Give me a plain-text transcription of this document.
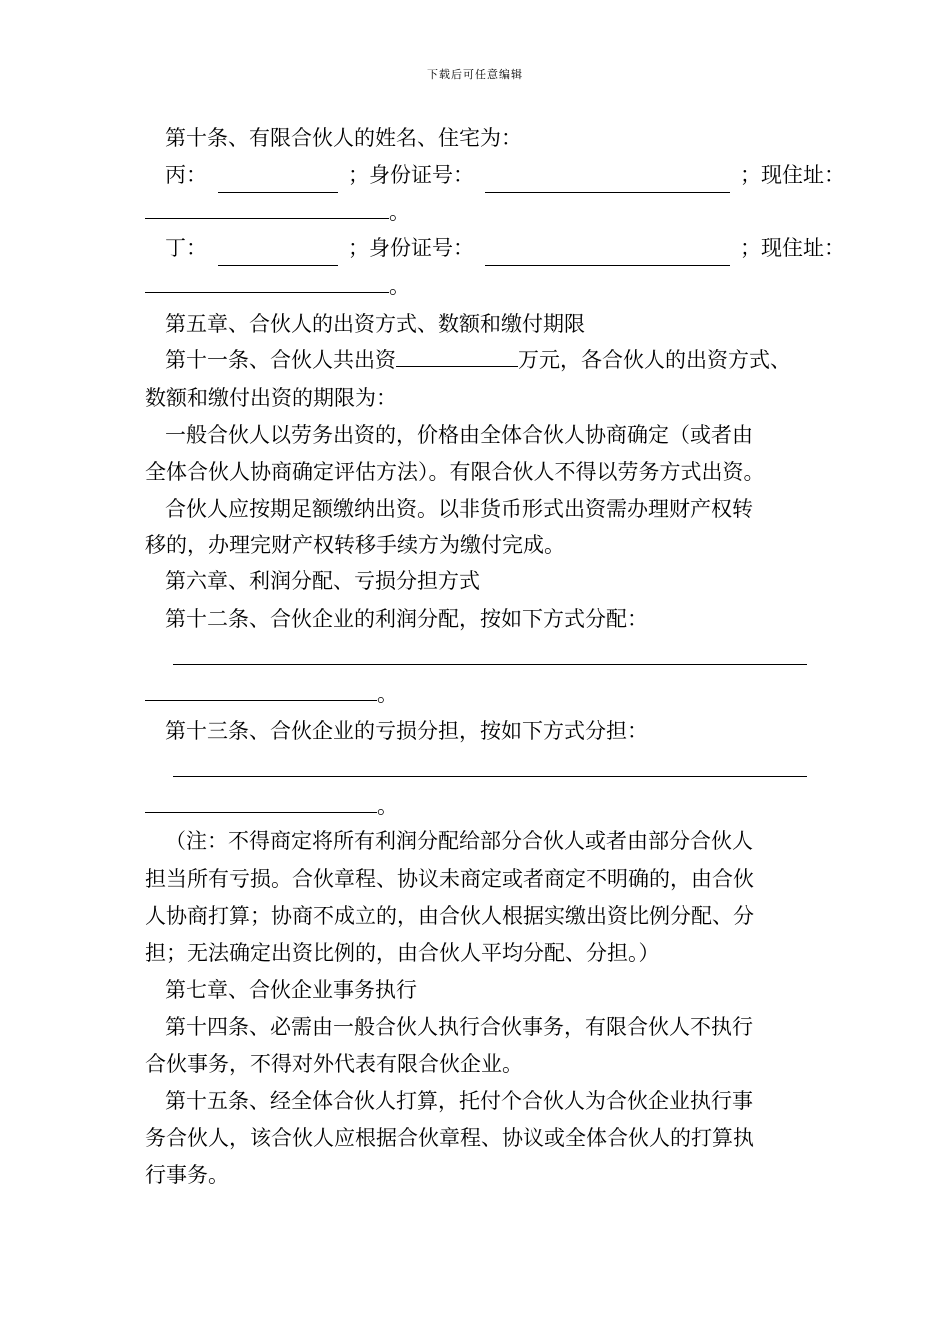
下载后可任意编辑
第十条、有限合伙人的姓名、住宅为：
丙：	；身份证号：	；现住址：
。
丁：	；身份证号：	；现住址：
。
第五章、合伙人的出资方式、数额和缴付期限
第十一条、合伙人共出资	万元，各合伙人的出资方式、
数额和缴付出资的期限为：
一般合伙人以劳务出资的，价格由全体合伙人协商确定（或者由
全体合伙人协商确定评估方法）。有限合伙人不得以劳务方式出资。
合伙人应按期足额缴纳出资。以非货币形式出资需办理财产权转
移的，办理完财产权转移手续方为缴付完成。
第六章、利润分配、亏损分担方式
第十二条、合伙企业的利润分配，按如下方式分配：
。
第十三条、合伙企业的亏损分担，按如下方式分担：
。
（注：不得商定将所有利润分配给部分合伙人或者由部分合伙人
担当所有亏损。合伙章程、协议未商定或者商定不明确的，由合伙
人协商打算；协商不成立的，由合伙人根据实缴出资比例分配、分
担；无法确定出资比例的，由合伙人平均分配、分担。）
第七章、合伙企业事务执行
第十四条、必需由一般合伙人执行合伙事务，有限合伙人不执行
合伙事务，不得对外代表有限合伙企业。
第十五条、经全体合伙人打算，托付个合伙人为合伙企业执行事
务合伙人，该合伙人应根据合伙章程、协议或全体合伙人的打算执
行事务。
